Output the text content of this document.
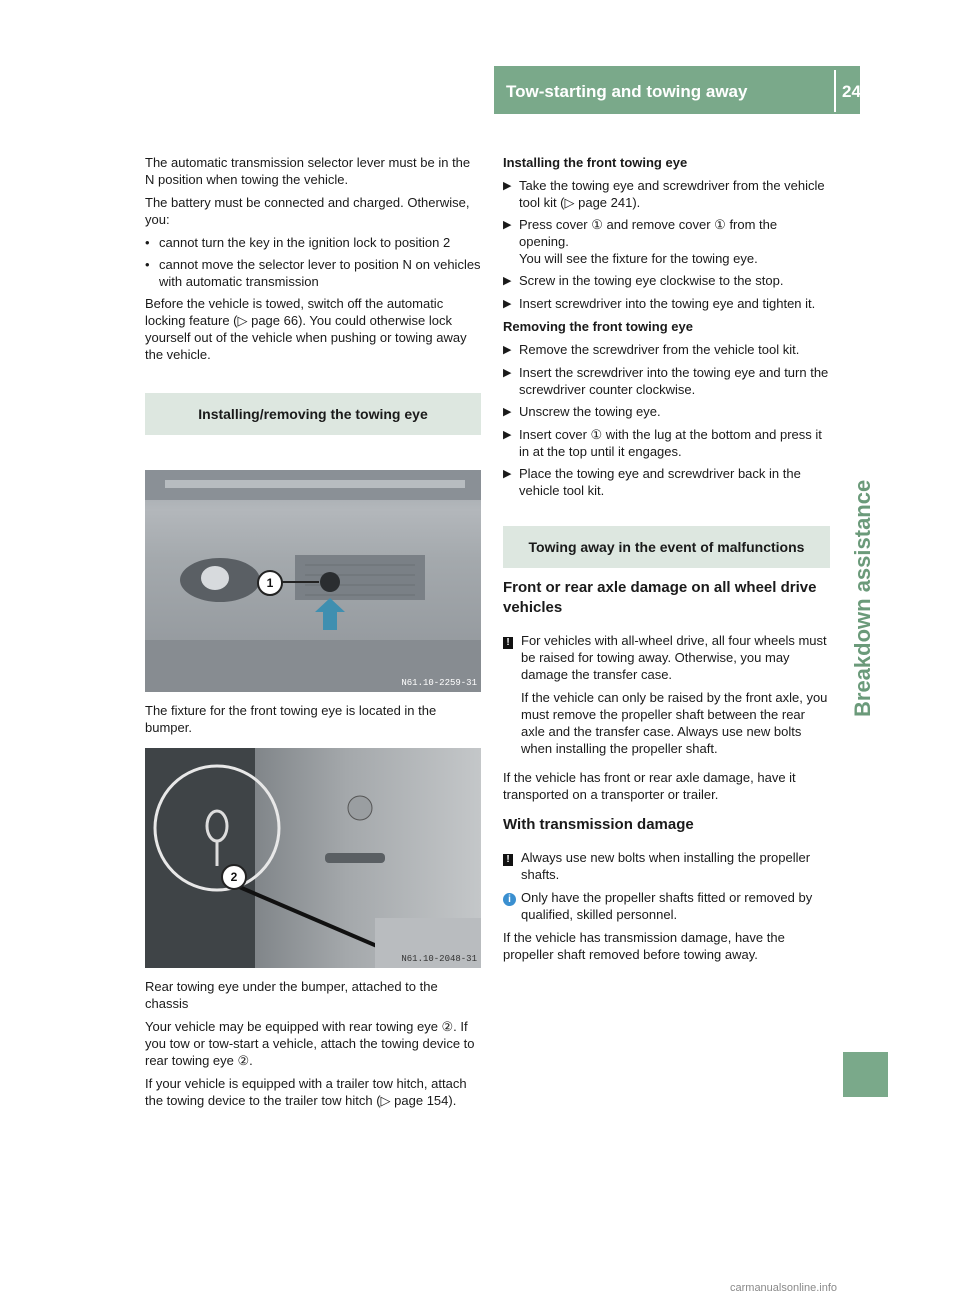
Tow-starting and towing away	245
Breakdown assistance

The automatic transmission selector lever must be in the N position when towing the vehicle.

The battery must be connected and charged. Otherwise, you:

• cannot turn the key in the ignition lock to position 2
• cannot move the selector lever to position N on vehicles with automatic transmission

Before the vehicle is towed, switch off the automatic locking feature (▷ page 66). You could otherwise lock yourself out of the vehicle when pushing or towing away the vehicle.

Installing/removing the towing eye
1
N61.10-2259-31

The fixture for the front towing eye is located in the bumper.

2
N61.10-2048-31

Rear towing eye under the bumper, attached to the chassis

Your vehicle may be equipped with rear towing eye ②. If you tow or tow-start a vehicle, attach the towing device to rear towing eye ②.

If your vehicle is equipped with a trailer tow hitch, attach the towing device to the trailer tow hitch (▷ page 154).

Installing the front towing eye
▶ Take the towing eye and screwdriver from the vehicle tool kit (▷ page 241).
▶ Press cover ① and remove cover ① from the opening.
You will see the fixture for the towing eye.
▶ Screw in the towing eye clockwise to the stop.
▶ Insert screwdriver into the towing eye and tighten it.
Removing the front towing eye
▶ Remove the screwdriver from the vehicle tool kit.
▶ Insert the screwdriver into the towing eye and turn the screwdriver counter clockwise.
▶ Unscrew the towing eye.
▶ Insert cover ① with the lug at the bottom and press it in at the top until it engages.
▶ Place the towing eye and screwdriver back in the vehicle tool kit.
Towing away in the event of malfunctions
Front or rear axle damage on all wheel drive vehicles
! For vehicles with all-wheel drive, all four wheels must be raised for towing away. Otherwise, you may damage the transfer case.

If the vehicle can only be raised by the front axle, you must remove the propeller shaft between the rear axle and the transfer case. Always use new bolts when installing the propeller shaft.

If the vehicle has front or rear axle damage, have it transported on a transporter or trailer.

With transmission damage
! Always use new bolts when installing the propeller shafts.
i Only have the propeller shafts fitted or removed by qualified, skilled personnel.

If the vehicle has transmission damage, have the propeller shaft removed before towing away.

carmanualsonline.info
